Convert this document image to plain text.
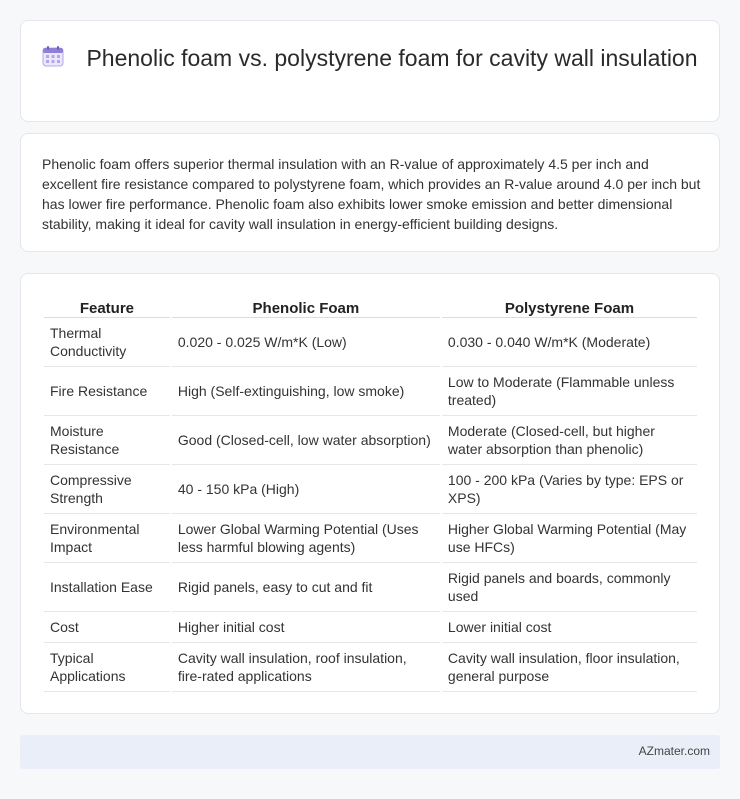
Phenolic foam vs. polystyrene foam for cavity wall insulation

Phenolic foam offers superior thermal insulation with an R-value of approximately 4.5 per inch and excellent fire resistance compared to polystyrene foam, which provides an R-value around 4.0 per inch but has lower fire performance. Phenolic foam also exhibits lower smoke emission and better dimensional stability, making it ideal for cavity wall insulation in energy-efficient building designs.

Feature	Phenolic Foam	Polystyrene Foam
Thermal Conductivity	0.020 - 0.025 W/m*K (Low)	0.030 - 0.040 W/m*K (Moderate)
Fire Resistance	High (Self-extinguishing, low smoke)	Low to Moderate (Flammable unless treated)
Moisture Resistance	Good (Closed-cell, low water absorption)	Moderate (Closed-cell, but higher water absorption than phenolic)
Compressive Strength	40 - 150 kPa (High)	100 - 200 kPa (Varies by type: EPS or XPS)
Environmental Impact	Lower Global Warming Potential (Uses less harmful blowing agents)	Higher Global Warming Potential (May use HFCs)
Installation Ease	Rigid panels, easy to cut and fit	Rigid panels and boards, commonly used
Cost	Higher initial cost	Lower initial cost
Typical Applications	Cavity wall insulation, roof insulation, fire-rated applications	Cavity wall insulation, floor insulation, general purpose
AZmater.com
